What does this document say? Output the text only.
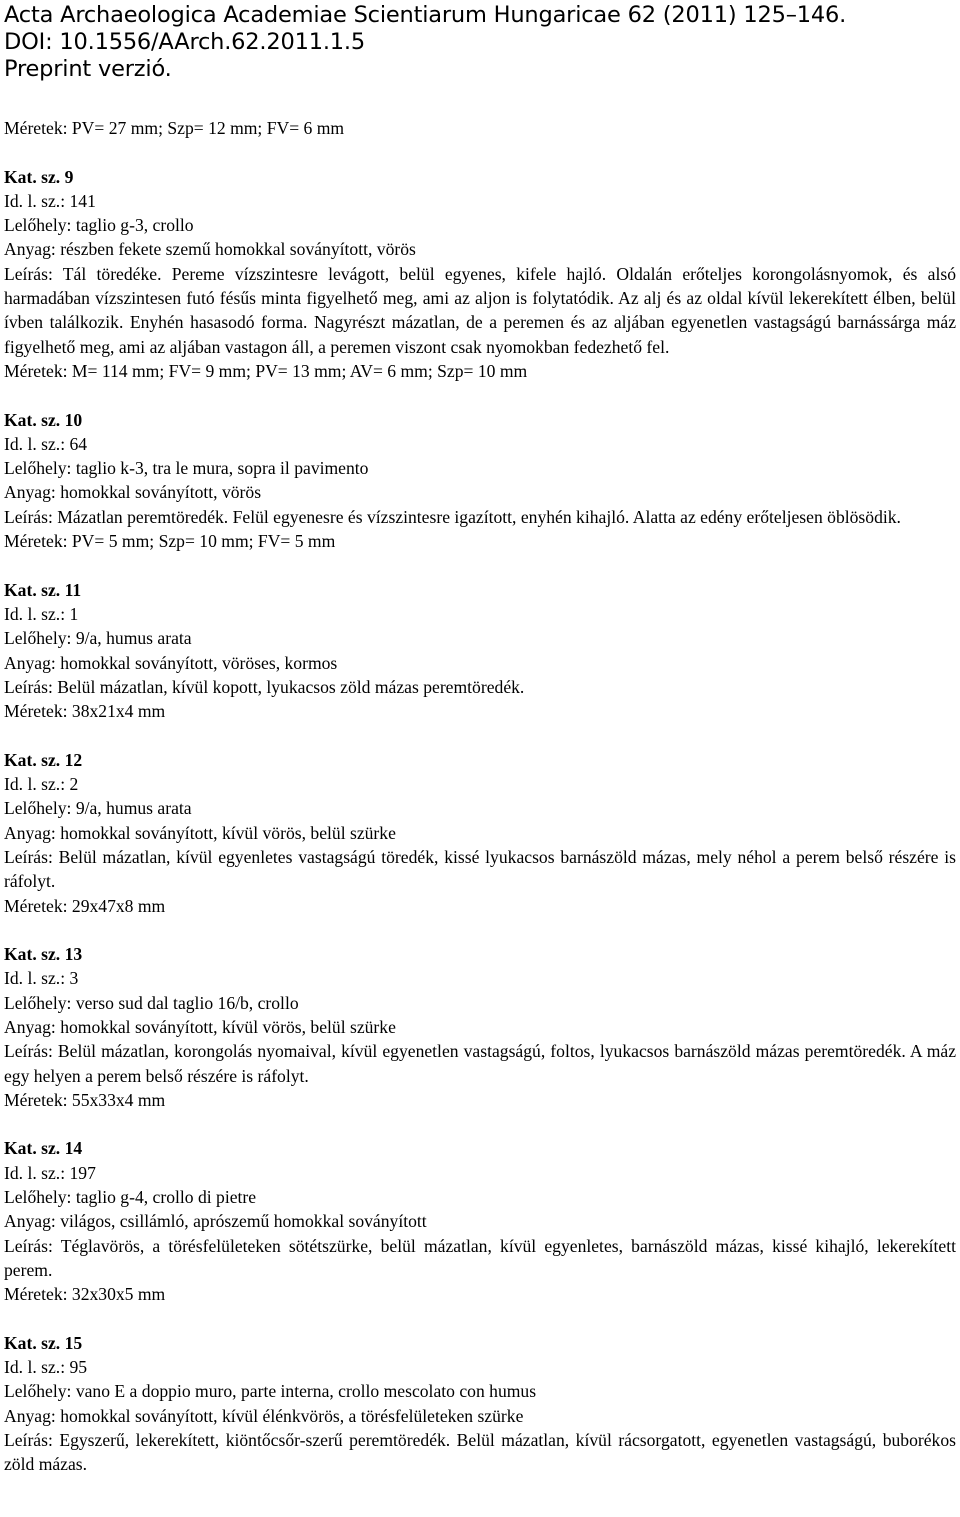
Acta Archaeologica Academiae Scientiarum Hungaricae 62 (2011) 125–146.
DOI: 10.1556/AArch.62.2011.1.5
Preprint verzió.
Méretek: PV= 27 mm; Szp= 12 mm; FV= 6 mm
Kat. sz. 9
Id. l. sz.: 141
Lelőhely: taglio g-3, crollo
Anyag: részben fekete szemű homokkal soványított, vörös
Leírás: Tál töredéke. Pereme vízszintesre levágott, belül egyenes, kifele hajló. Oldalán erőteljes korongolásnyomok, és alsó harmadában vízszintesen futó fésűs minta figyelhető meg, ami az aljon is folytatódik. Az alj és az oldal kívül lekerekített élben, belül ívben találkozik. Enyhén hasasodó forma. Nagyrészt mázatlan, de a peremen és az aljában egyenetlen vastagságú barnássárga máz figyelhető meg, ami az aljában vastagon áll, a peremen viszont csak nyomokban fedezhető fel.
Méretek: M= 114 mm; FV= 9 mm; PV= 13 mm; AV= 6 mm; Szp= 10 mm
Kat. sz. 10
Id. l. sz.: 64
Lelőhely: taglio k-3, tra le mura, sopra il pavimento
Anyag: homokkal soványított, vörös
Leírás: Mázatlan peremtöredék. Felül egyenesre és vízszintesre igazított, enyhén kihajló. Alatta az edény erőteljesen öblösödik.
Méretek: PV= 5 mm; Szp= 10 mm; FV= 5 mm
Kat. sz. 11
Id. l. sz.: 1
Lelőhely: 9/a, humus arata
Anyag: homokkal soványított, vöröses, kormos
Leírás: Belül mázatlan, kívül kopott, lyukacsos zöld mázas peremtöredék.
Méretek: 38x21x4 mm
Kat. sz. 12
Id. l. sz.: 2
Lelőhely: 9/a, humus arata
Anyag: homokkal soványított, kívül vörös, belül szürke
Leírás: Belül mázatlan, kívül egyenletes vastagságú töredék, kissé lyukacsos barnászöld mázas, mely néhol a perem belső részére is ráfolyt.
Méretek: 29x47x8 mm
Kat. sz. 13
Id. l. sz.: 3
Lelőhely: verso sud dal taglio 16/b, crollo
Anyag: homokkal soványított, kívül vörös, belül szürke
Leírás: Belül mázatlan, korongolás nyomaival, kívül egyenetlen vastagságú, foltos, lyukacsos barnászöld mázas peremtöredék. A máz egy helyen a perem belső részére is ráfolyt.
Méretek: 55x33x4 mm
Kat. sz. 14
Id. l. sz.: 197
Lelőhely: taglio g-4, crollo di pietre
Anyag: világos, csillámló, aprószemű homokkal soványított
Leírás: Téglavörös, a törésfelületeken sötétszürke, belül mázatlan, kívül egyenletes, barnászöld mázas, kissé kihajló, lekerekített perem.
Méretek: 32x30x5 mm
Kat. sz. 15
Id. l. sz.: 95
Lelőhely: vano E a doppio muro, parte interna, crollo mescolato con humus
Anyag: homokkal soványított, kívül élénkvörös, a törésfelületeken szürke
Leírás: Egyszerű, lekerekített, kiöntőcsőr-szerű peremtöredék. Belül mázatlan, kívül rácsorgatott, egyenetlen vastagságú, buborékos zöld mázas.
